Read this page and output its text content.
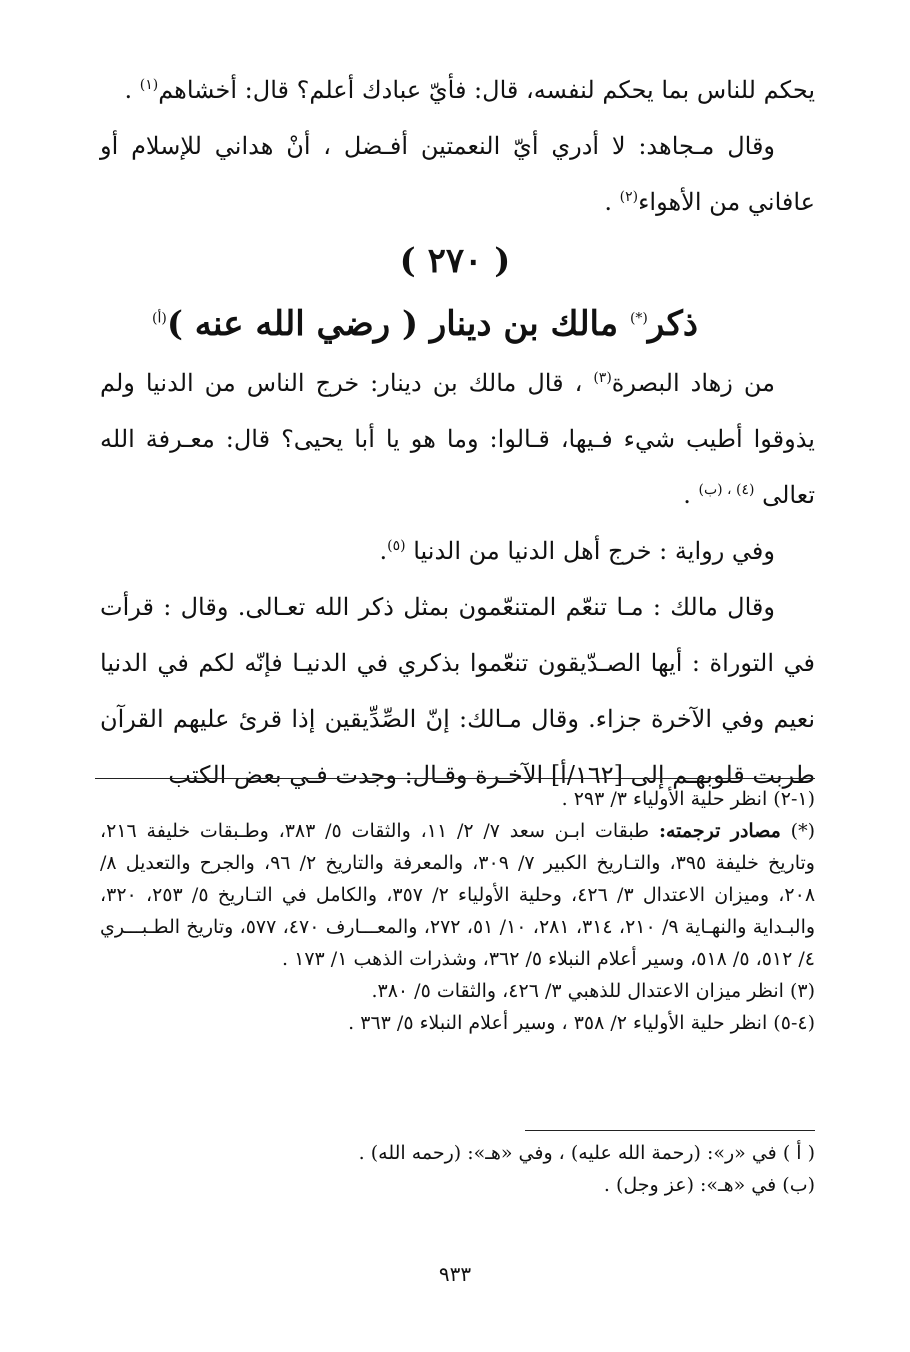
يحكم للناس بما يحكم لنفسه، قال: فأيّ عبادك أعلم؟ قال: أخشاهم$^{(١)}$ .

وقال مـجاهد: لا أدري أيّ النعمتين أفـضل ، أنْ هداني للإسلام أو عافاني من الأهواء$^{(٢)}$ .

( ٢٧٠ )
ذكر(*) مالك بن دينار ( رضي الله عنه )$^{(أ)}$

من زهاد البصرة$^{(٣)}$ ، قال مالك بن دينار: خرج الناس من الدنيا ولم يذوقوا أطيب شيء فـيها، قـالوا: وما هو يا أبا يحيى؟ قال: معـرفة الله تعالى $^{(٤) ، (ب)}$ .

وفي رواية : خرج أهل الدنيا من الدنيا $^{(٥)}$.

وقال مالك : مـا تنعّم المتنعّمون بمثل ذكر الله تعـالى. وقال : قرأت في التوراة : أيها الصـدّيقون تنعّموا بذكري في الدنيـا فإنّه لكم في الدنيا نعيم وفي الآخرة جزاء. وقال مـالك: إنّ الصِّدِّيقين إذا قرئ عليهم القرآن طربت قلوبهـم إلى [١٦٢/أ] الآخـرة وقـال: وجدت فـي بعض الكتب

(١-٢) انظر حلية الأولياء ٣/ ٢٩٣ .

(*) مصادر ترجمته: طبقات ابـن سعد ٧/ ٢/ ١١، والثقات ٥/ ٣٨٣، وطـبقات خليفة ٢١٦، وتاريخ خليفة ٣٩٥، والتـاريخ الكبير ٧/ ٣٠٩، والمعرفة والتاريخ ٢/ ٩٦، والجرح والتعديل ٨/ ٢٠٨، وميزان الاعتدال ٣/ ٤٢٦، وحلية الأولياء ٢/ ٣٥٧، والكامل في التـاريخ ٥/ ٢٥٣، ٣٢٠، والبـداية والنهـاية ٩/ ٢١٠، ٣١٤، ٢٨١، ١٠/ ٥١، ٢٧٢، والمعـــارف ٤٧٠، ٥٧٧، وتاريخ الطـبـــري ٤/ ٥١٢، ٥/ ٥١٨، وسير أعلام النبلاء ٥/ ٣٦٢، وشذرات الذهب ١/ ١٧٣ .

(٣) انظر ميزان الاعتدال للذهبي ٣/ ٤٢٦، والثقات ٥/ ٣٨٠.

(٤-٥) انظر حلية الأولياء ٢/ ٣٥٨ ، وسير أعلام النبلاء ٥/ ٣٦٣ .

( أ ) في «ر»: (رحمة الله عليه) ، وفي «هـ»: (رحمه الله) .

(ب) في «هـ»: (عز وجل) .

٩٣٣
